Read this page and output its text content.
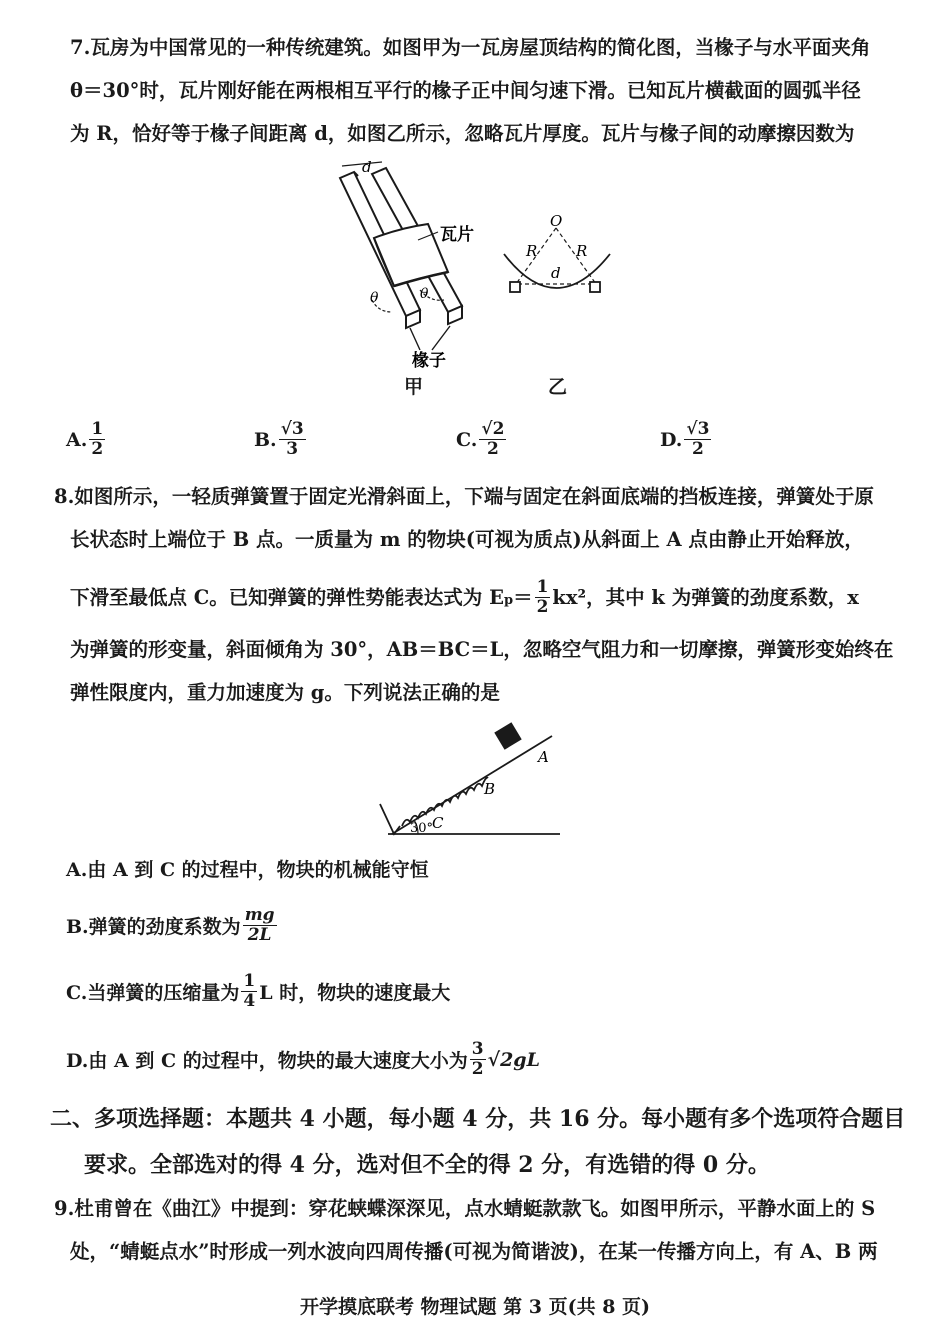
7.瓦房为中国常见的一种传统建筑。如图甲为一瓦房屋顶结构的简化图，当椽子与水平面夹角
θ＝30°时，瓦片刚好能在两根相互平行的椽子正中间匀速下滑。已知瓦片横截面的圆弧半径
为 R，恰好等于椽子间距离 d，如图乙所示，忽略瓦片厚度。瓦片与椽子间的动摩擦因数为
d
瓦片
θ	θ
椽子
甲
O
R	R
d
乙
A. $\frac{1}{2}$	B. $\frac{√3}{3}$	C. $\frac{√2}{2}$	D. $\frac{√3}{2}$
8.如图所示，一轻质弹簧置于固定光滑斜面上，下端与固定在斜面底端的挡板连接，弹簧处于原
长状态时上端位于 B 点。一质量为 m 的物块(可视为质点)从斜面上 A 点由静止开始释放，
下滑至最低点 C。已知弹簧的弹性势能表达式为 E $p = \frac{1}{2} kx^2$，其中 k 为弹簧的劲度系数，x
为弹簧的形变量，斜面倾角为 30°，AB＝BC＝L，忽略空气阻力和一切摩擦，弹簧形变始终在
弹性限度内，重力加速度为 g。下列说法正确的是
A
B
C
30°
A.由 A 到 C 的过程中，物块的机械能守恒
B.弹簧的劲度系数为 $\frac{mg}{2L}$
C.当弹簧的压缩量为 $\frac{1}{4}$ L 时，物块的速度最大
D.由 A 到 C 的过程中，物块的最大速度大小为 $\frac{3}{2} √2gL$
二、多项选择题：本题共 4 小题，每小题 4 分，共 16 分。每小题有多个选项符合题目
要求。全部选对的得 4 分，选对但不全的得 2 分，有选错的得 0 分。
9.杜甫曾在《曲江》中提到：穿花蛱蝶深深见，点水蜻蜓款款飞。如图甲所示，平静水面上的 S
处，“蜻蜓点水”时形成一列水波向四周传播(可视为简谐波)，在某一传播方向上，有 A、B 两
开学摸底联考 物理试题 第 3 页(共 8 页)
